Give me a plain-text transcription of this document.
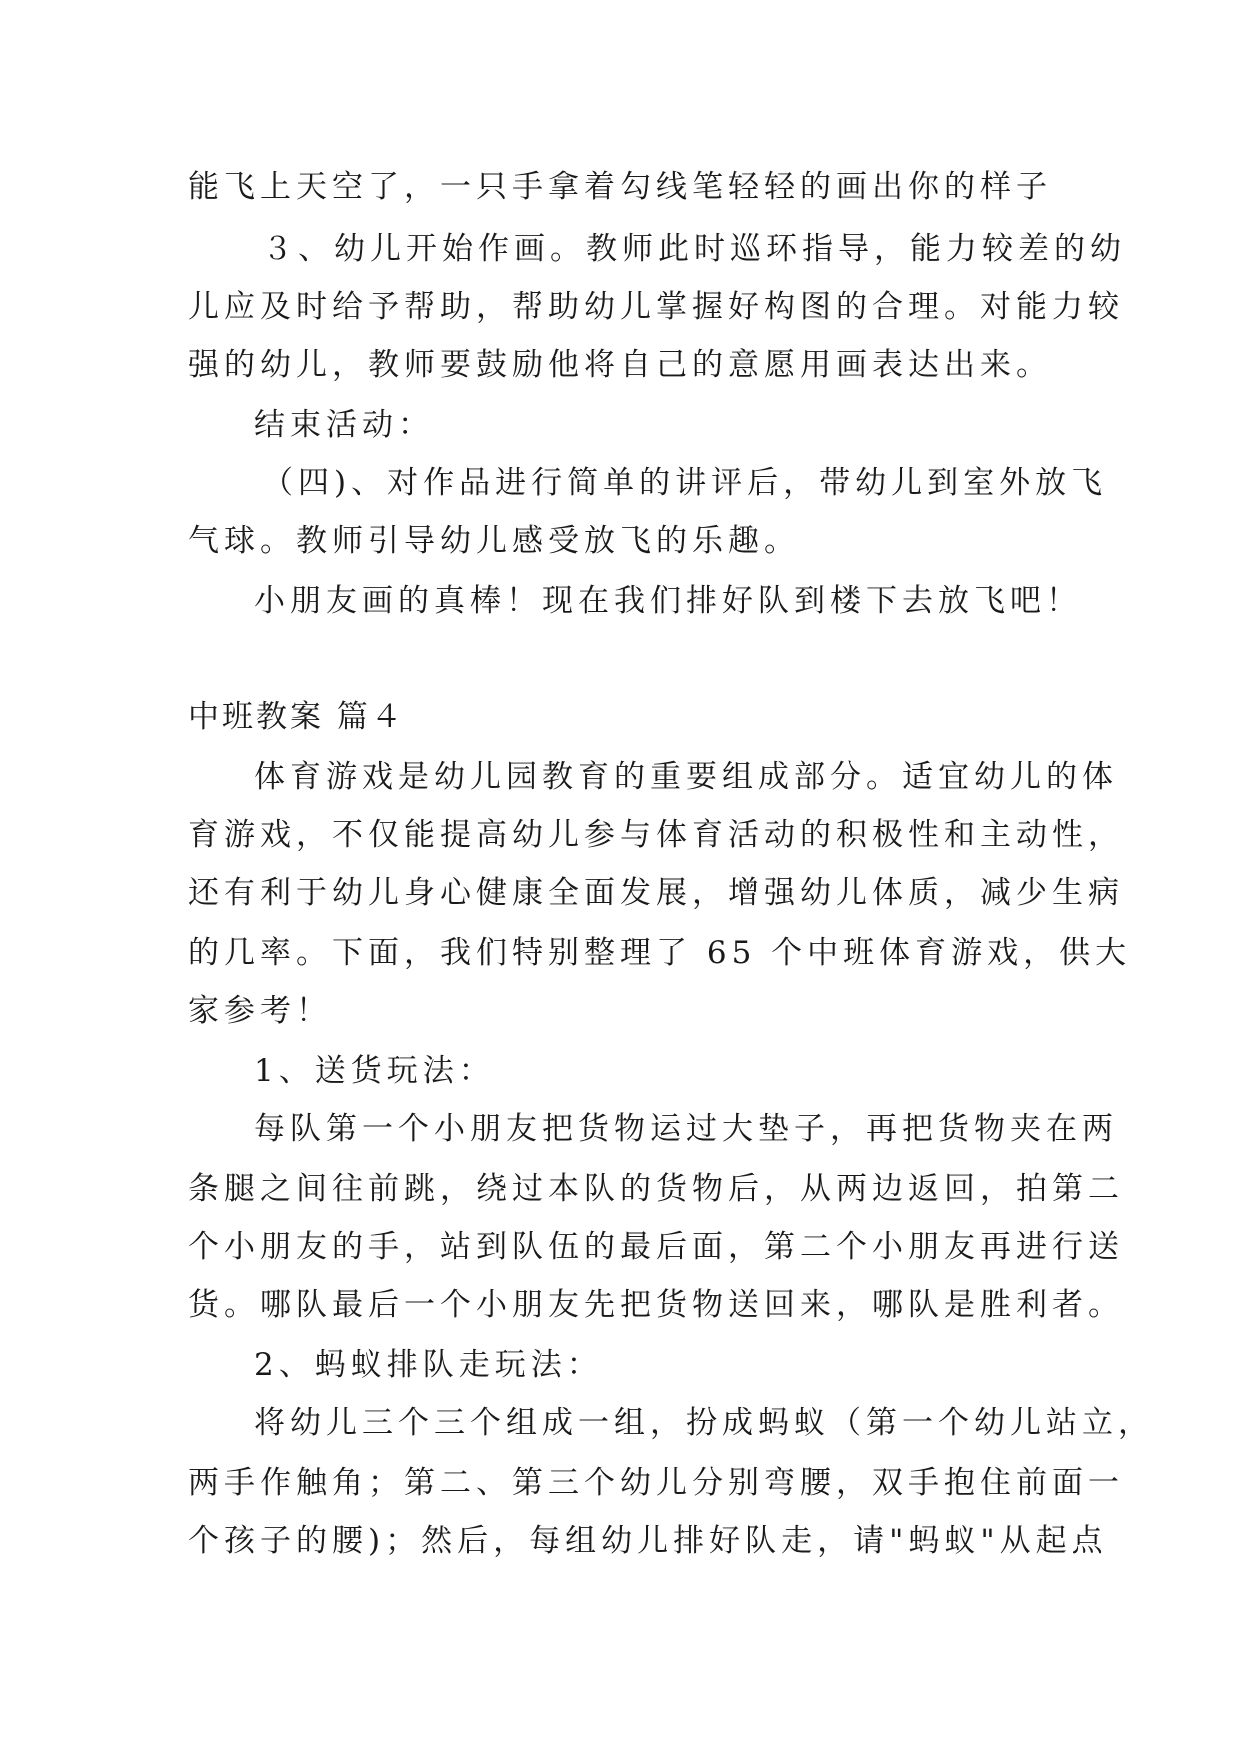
能飞上天空了，一只手拿着勾线笔轻轻的画出你的样子
３、幼儿开始作画。教师此时巡环指导，能力较差的幼
儿应及时给予帮助，帮助幼儿掌握好构图的合理。对能力较
强的幼儿，教师要鼓励他将自己的意愿用画表达出来。
结束活动：
（四)、对作品进行简单的讲评后，带幼儿到室外放飞
气球。教师引导幼儿感受放飞的乐趣。
小朋友画的真棒！现在我们排好队到楼下去放飞吧！
中班教案 篇４
体育游戏是幼儿园教育的重要组成部分。适宜幼儿的体
育游戏，不仅能提高幼儿参与体育活动的积极性和主动性，
还有利于幼儿身心健康全面发展，增强幼儿体质，减少生病
的几率。下面，我们特别整理了 65 个中班体育游戏，供大
家参考！
1、送货玩法：
每队第一个小朋友把货物运过大垫子，再把货物夹在两
条腿之间往前跳，绕过本队的货物后，从两边返回，拍第二
个小朋友的手，站到队伍的最后面，第二个小朋友再进行送
货。哪队最后一个小朋友先把货物送回来，哪队是胜利者。
2、蚂蚁排队走玩法：
将幼儿三个三个组成一组，扮成蚂蚁（第一个幼儿站立，
两手作触角；第二、第三个幼儿分别弯腰，双手抱住前面一
个孩子的腰)；然后，每组幼儿排好队走，请"蚂蚁"从起点
